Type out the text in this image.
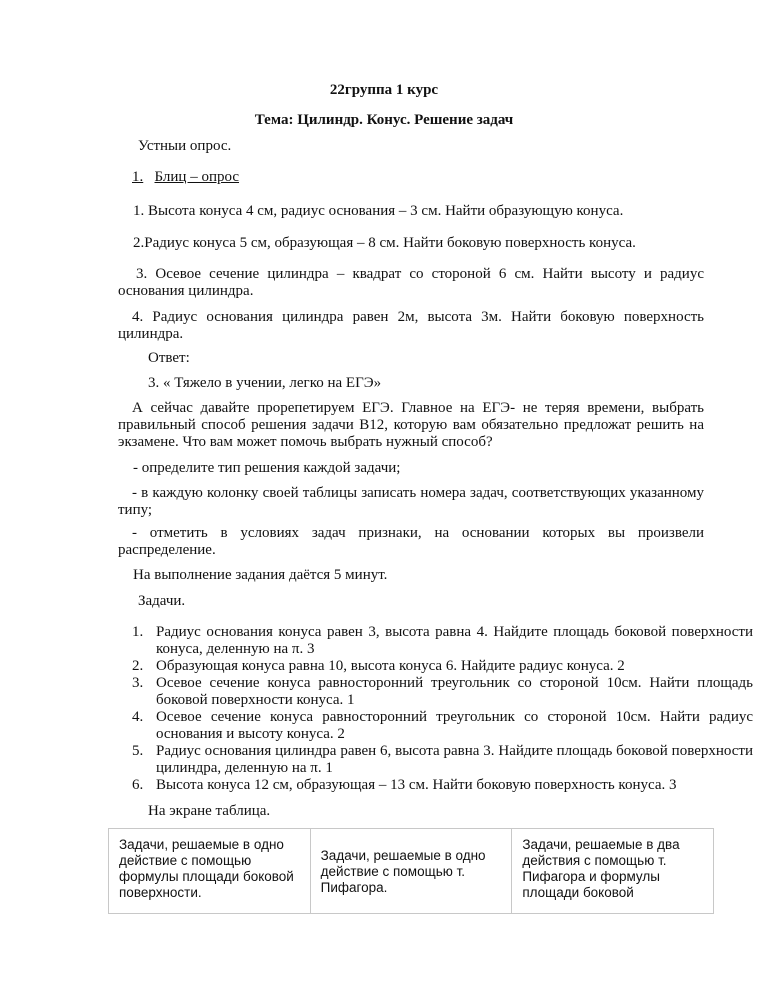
22группа 1 курс

Тема: Цилиндр. Конус. Решение задач

Устныи опрос.

1. Блиц – опрос

1. Высота конуса 4 см, радиус основания – 3 см. Найти образующую конуса.

2.Радиус конуса 5 см, образующая – 8 см. Найти боковую поверхность конуса.

3. Осевое сечение цилиндра – квадрат со стороной 6 см. Найти высоту и радиус основания цилиндра.

4. Радиус основания цилиндра равен 2м, высота 3м. Найти боковую поверхность цилиндра.

Ответ:

3. « Тяжело в учении, легко на ЕГЭ»

А сейчас давайте прорепетируем ЕГЭ. Главное на ЕГЭ- не теряя времени, выбрать правильный способ решения задачи В12, которую вам обязательно предложат решить на экзамене. Что вам может помочь выбрать нужный способ?

- определите тип решения каждой задачи;

- в каждую колонку своей таблицы записать номера задач, соответствующих указанному типу;

- отметить в условиях задач признаки, на основании которых вы произвели распределение.

На выполнение задания даётся 5 минут.

Задачи.

1. Радиус основания конуса равен 3, высота равна 4. Найдите площадь боковой поверхности конуса, деленную на π. 3
2. Образующая конуса равна 10, высота конуса 6. Найдите радиус конуса. 2
3. Осевое сечение конуса равносторонний треугольник со стороной 10см. Найти площадь боковой поверхности конуса. 1
4. Осевое сечение конуса равносторонний треугольник со стороной 10см. Найти радиус основания и высоту конуса. 2
5. Радиус основания цилиндра равен 6, высота равна 3. Найдите площадь боковой поверхности цилиндра, деленную на π. 1
6. Высота конуса 12 см, образующая – 13 см. Найти боковую поверхность конуса. 3

На экране таблица.

Задачи, решаемые в одно действие с помощью формулы площади боковой поверхности.	Задачи, решаемые в одно действие с помощью т. Пифагора.	Задачи, решаемые в два действия с помощью т. Пифагора и формулы площади боковой
